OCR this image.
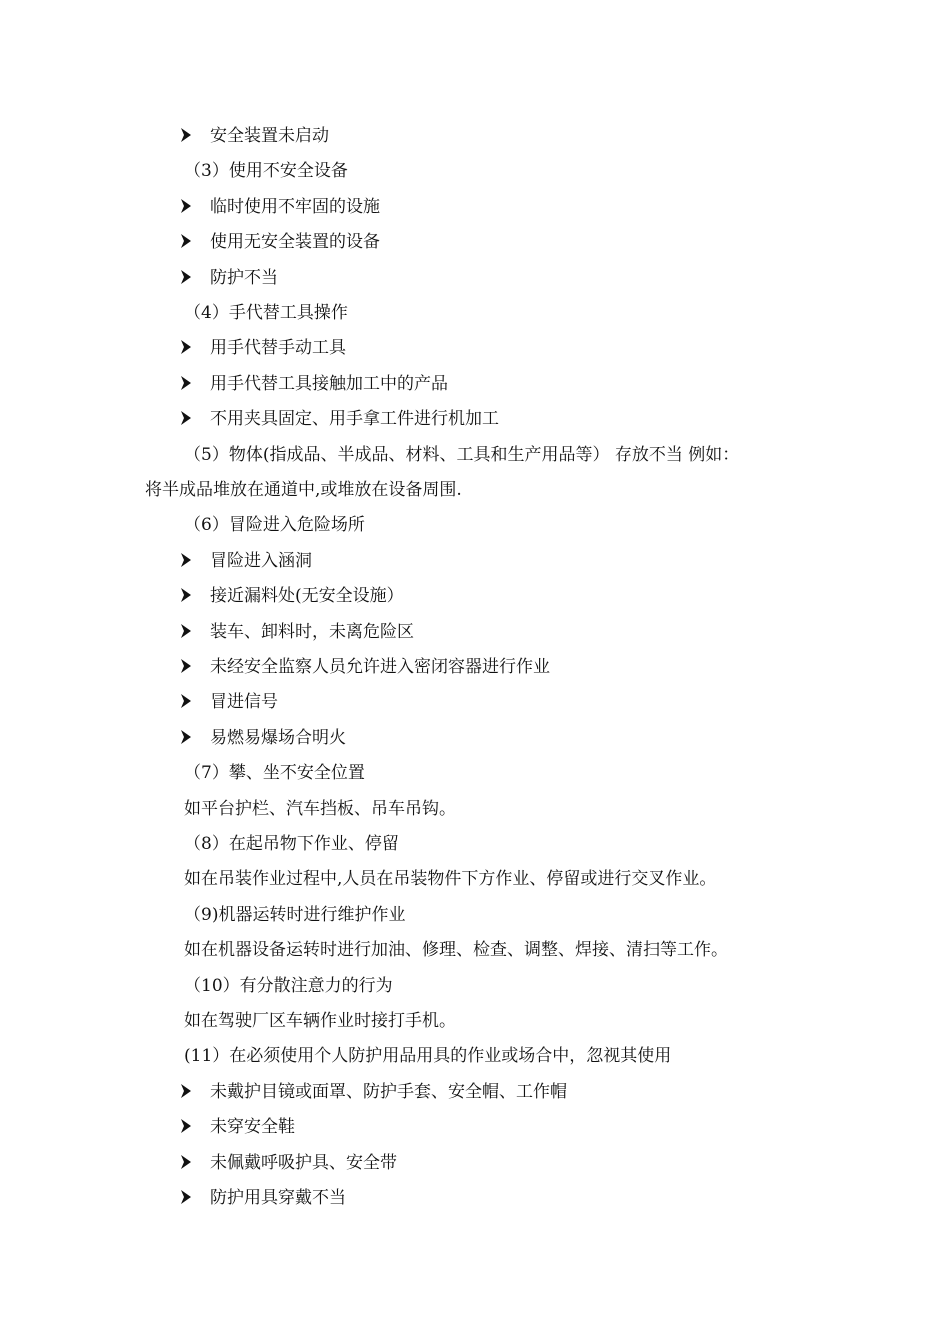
安全装置未启动
（3）使用不安全设备
临时使用不牢固的设施
使用无安全装置的设备
防护不当
（4）手代替工具操作
用手代替手动工具
用手代替工具接触加工中的产品
不用夹具固定、用手拿工件进行机加工
（5）物体(指成品、半成品、材料、工具和生产用品等） 存放不当 例如：
将半成品堆放在通道中,或堆放在设备周围.
（6）冒险进入危险场所
冒险进入涵洞
接近漏料处(无安全设施）
装车、卸料时，未离危险区
未经安全监察人员允许进入密闭容器进行作业
冒进信号
易燃易爆场合明火
（7）攀、坐不安全位置
如平台护栏、汽车挡板、吊车吊钩。
（8）在起吊物下作业、停留
如在吊装作业过程中,人员在吊装物件下方作业、停留或进行交叉作业。
（9)机器运转时进行维护作业
如在机器设备运转时进行加油、修理、检查、调整、焊接、清扫等工作。
（10）有分散注意力的行为
如在驾驶厂区车辆作业时接打手机。
(11）在必须使用个人防护用品用具的作业或场合中，忽视其使用
未戴护目镜或面罩、防护手套、安全帽、工作帽
未穿安全鞋
未佩戴呼吸护具、安全带
防护用具穿戴不当
